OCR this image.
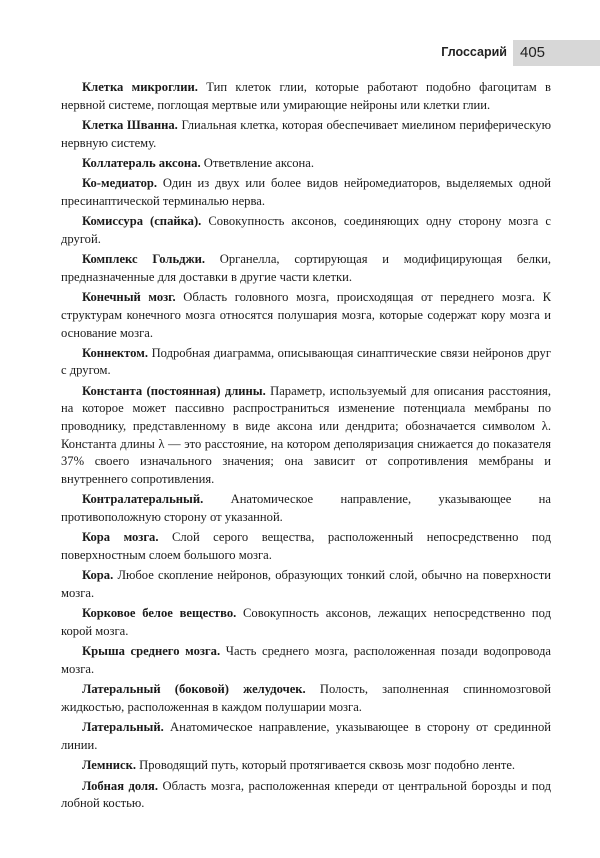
Глоссарий 405

Клетка микроглии. Тип клеток глии, которые работают подобно фагоцитам в нервной системе, поглощая мертвые или умирающие нейроны или клетки глии.

Клетка Шванна. Глиальная клетка, которая обеспечивает миелином периферическую нервную систему.

Коллатераль аксона. Ответвление аксона.

Ко-медиатор. Один из двух или более видов нейромедиаторов, выделяемых одной пресинаптической терминалью нерва.

Комиссура (спайка). Совокупность аксонов, соединяющих одну сторону мозга с другой.

Комплекс Гольджи. Органелла, сортирующая и модифицирующая белки, предназначенные для доставки в другие части клетки.

Конечный мозг. Область головного мозга, происходящая от переднего мозга. К структурам конечного мозга относятся полушария мозга, которые содержат кору мозга и основание мозга.

Коннектом. Подробная диаграмма, описывающая синаптические связи нейронов друг с другом.

Константа (постоянная) длины. Параметр, используемый для описания расстояния, на которое может пассивно распространиться изменение потенциала мембраны по проводнику, представленному в виде аксона или дендрита; обозначается символом λ. Константа длины λ — это расстояние, на котором деполяризация снижается до показателя 37% своего изначального значения; она зависит от сопротивления мембраны и внутреннего сопротивления.

Контралатеральный. Анатомическое направление, указывающее на противоположную сторону от указанной.

Кора мозга. Слой серого вещества, расположенный непосредственно под поверхностным слоем большого мозга.

Кора. Любое скопление нейронов, образующих тонкий слой, обычно на поверхности мозга.

Корковое белое вещество. Совокупность аксонов, лежащих непосредственно под корой мозга.

Крыша среднего мозга. Часть среднего мозга, расположенная позади водопровода мозга.

Латеральный (боковой) желудочек. Полость, заполненная спинномозговой жидкостью, расположенная в каждом полушарии мозга.

Латеральный. Анатомическое направление, указывающее в сторону от срединной линии.

Лемниск. Проводящий путь, который протягивается сквозь мозг подобно ленте.

Лобная доля. Область мозга, расположенная кпереди от центральной борозды и под лобной костью.
